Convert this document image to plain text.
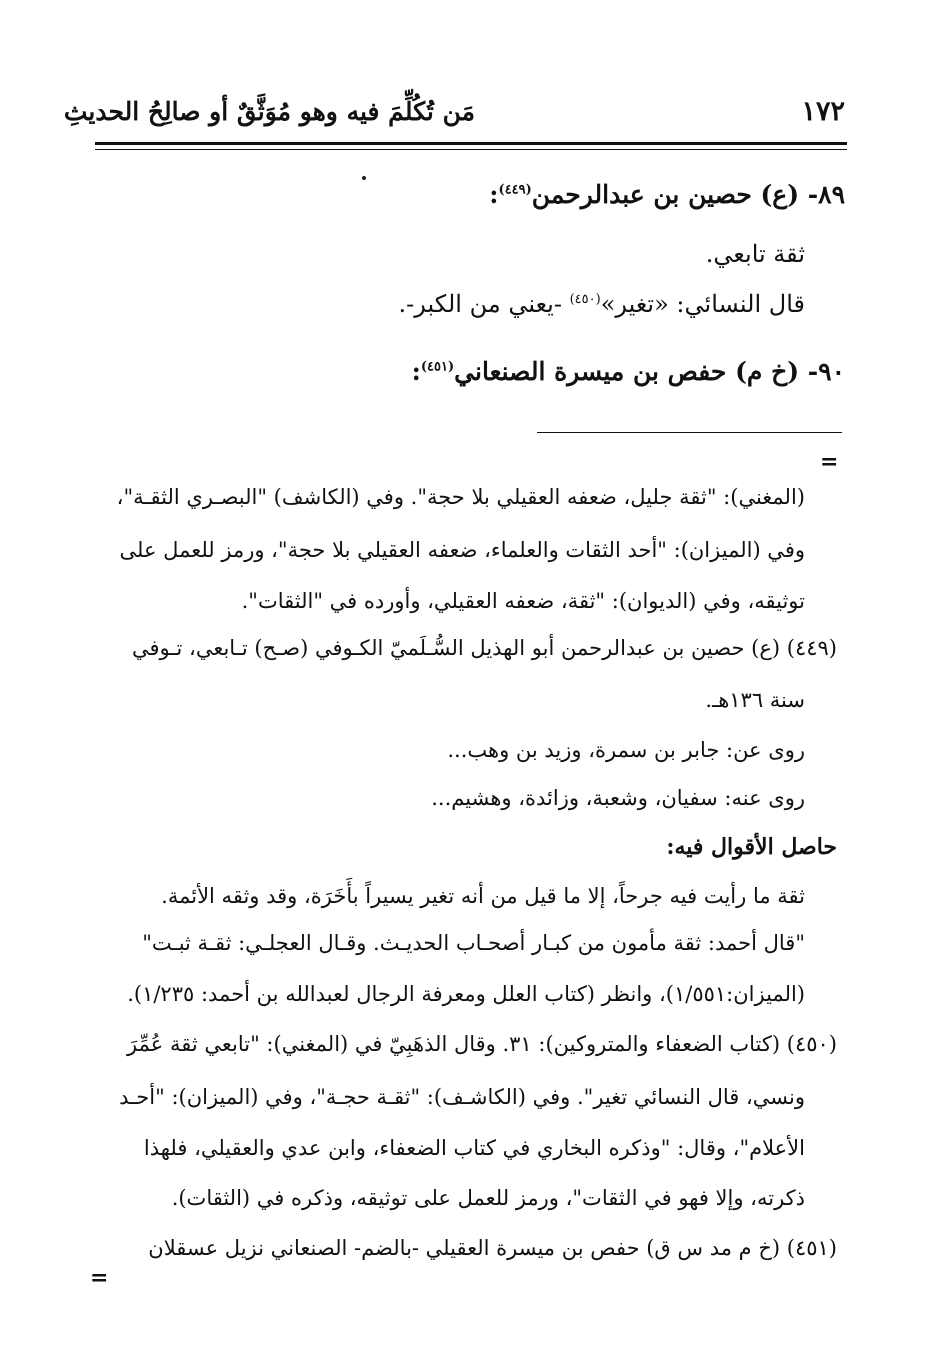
١٧٢
مَن تُكُلِّمَ فيه وهو مُوَثَّقٌ أو صالِحُ الحديثِ
٨٩- (ع) حصين بن عبدالرحمن$^{(٤٤٩)}$:
ثقة تابعي.
قال النسائي: «تغير»$^{(٤٥٠)}$ -يعني من الكبر-.
٩٠- (خ م) حفص بن ميسرة الصنعاني$^{(٤٥١)}$:
=
(المغني): "ثقة جليل، ضعفه العقيلي بلا حجة". وفي (الكاشف) "البصـري الثقـة"،
وفي (الميزان): "أحد الثقات والعلماء، ضعفه العقيلي بلا حجة"، ورمز للعمل على
توثيقه، وفي (الديوان): "ثقة، ضعفه العقيلي، وأورده في "الثقات".
(٤٤٩) (ع) حصين بن عبدالرحمن أبو الهذيل السُّـلَميّ الكـوفي (صـح) تـابعي، تـوفي
سنة ١٣٦هـ.
روى عن: جابر بن سمرة، وزيد بن وهب...
روى عنه: سفيان، وشعبة، وزائدة، وهشيم...
حاصل الأقوال فيه:
ثقة ما رأيت فيه جرحاً، إلا ما قيل من أنه تغير يسيراً بأَخَرَة، وقد وثقه الأئمة.
"قال أحمد: ثقة مأمون من كبـار أصحـاب الحديـث. وقـال العجلـي: ثقـة ثبـت"
(الميزان:١/٥٥١)، وانظر (كتاب العلل ومعرفة الرجال لعبدالله بن أحمد: ١/٢٣٥).
(٤٥٠) (كتاب الضعفاء والمتروكين): ٣١. وقال الذهَبِيّ في (المغني): "تابعي ثقة عُمِّرَ
ونسي، قال النسائي تغير". وفي (الكاشـف): "ثقـة حجـة"، وفي (الميزان): "أحـد
الأعلام"، وقال: "وذكره البخاري في كتاب الضعفاء، وابن عدي والعقيلي، فلهذا
ذكرته، وإلا فهو في الثقات"، ورمز للعمل على توثيقه، وذكره في (الثقات).
(٤٥١) (خ م مد س ق) حفص بن ميسرة العقيلي -بالضم- الصنعاني نزيل عسقلان
=
